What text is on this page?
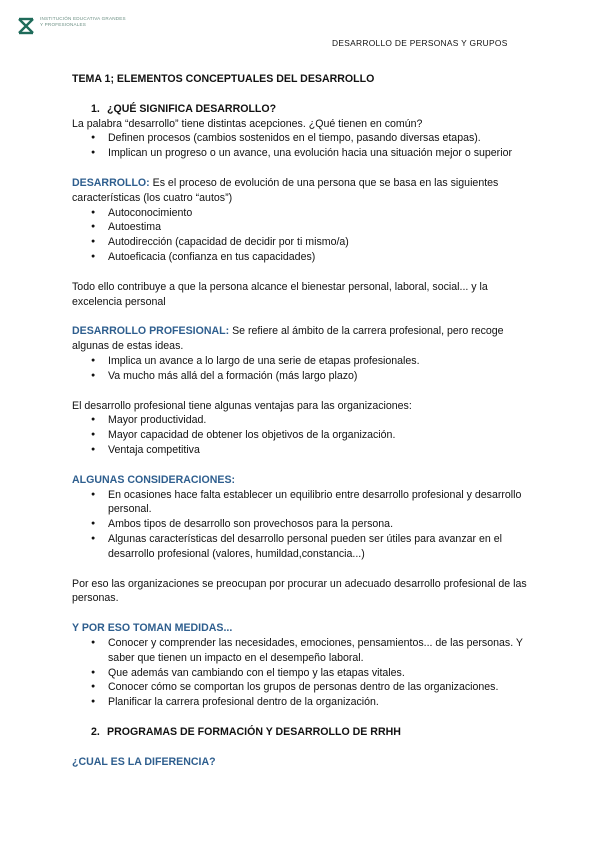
INSTITUCIÓN EDUCATIVA GRANDES
Y PROFESIONALES
DESARROLLO DE PERSONAS Y GRUPOS
TEMA 1; ELEMENTOS CONCEPTUALES DEL DESARROLLO
1. ¿QUÉ SIGNIFICA DESARROLLO?

La palabra “desarrollo” tiene distintas acepciones. ¿Qué tienen en común?

● Definen procesos (cambios sostenidos en el tiempo, pasando diversas etapas).
● Implican un progreso o un avance, una evolución hacia una situación mejor o superior

DESARROLLO: Es el proceso de evolución de una persona que se basa en las siguientes características (los cuatro “autos”)

● Autoconocimiento
● Autoestima
● Autodirección (capacidad de decidir por ti mismo/a)
● Autoeficacia (confianza en tus capacidades)

Todo ello contribuye a que la persona alcance el bienestar personal, laboral, social... y la excelencia personal

DESARROLLO PROFESIONAL: Se refiere al ámbito de la carrera profesional, pero recoge algunas de estas ideas.

● Implica un avance a lo largo de una serie de etapas profesionales.
● Va mucho más allá del a formación (más largo plazo)

El desarrollo profesional tiene algunas ventajas para las organizaciones:

● Mayor productividad.
● Mayor capacidad de obtener los objetivos de la organización.
● Ventaja competitiva

ALGUNAS CONSIDERACIONES:

● En ocasiones hace falta establecer un equilibrio entre desarrollo profesional y desarrollo personal.
● Ambos tipos de desarrollo son provechosos para la persona.
● Algunas características del desarrollo personal pueden ser útiles para avanzar en el desarrollo profesional (valores, humildad,constancia...)

Por eso las organizaciones se preocupan por procurar un adecuado desarrollo profesional de las personas.

Y POR ESO TOMAN MEDIDAS...

● Conocer y comprender las necesidades, emociones, pensamientos... de las personas. Y saber que tienen un impacto en el desempeño laboral.
● Que además van cambiando con el tiempo y las etapas vitales.
● Conocer cómo se comportan los grupos de personas dentro de las organizaciones.
● Planificar la carrera profesional dentro de la organización.
2. PROGRAMAS DE FORMACIÓN Y DESARROLLO DE RRHH

¿CUAL ES LA DIFERENCIA?
